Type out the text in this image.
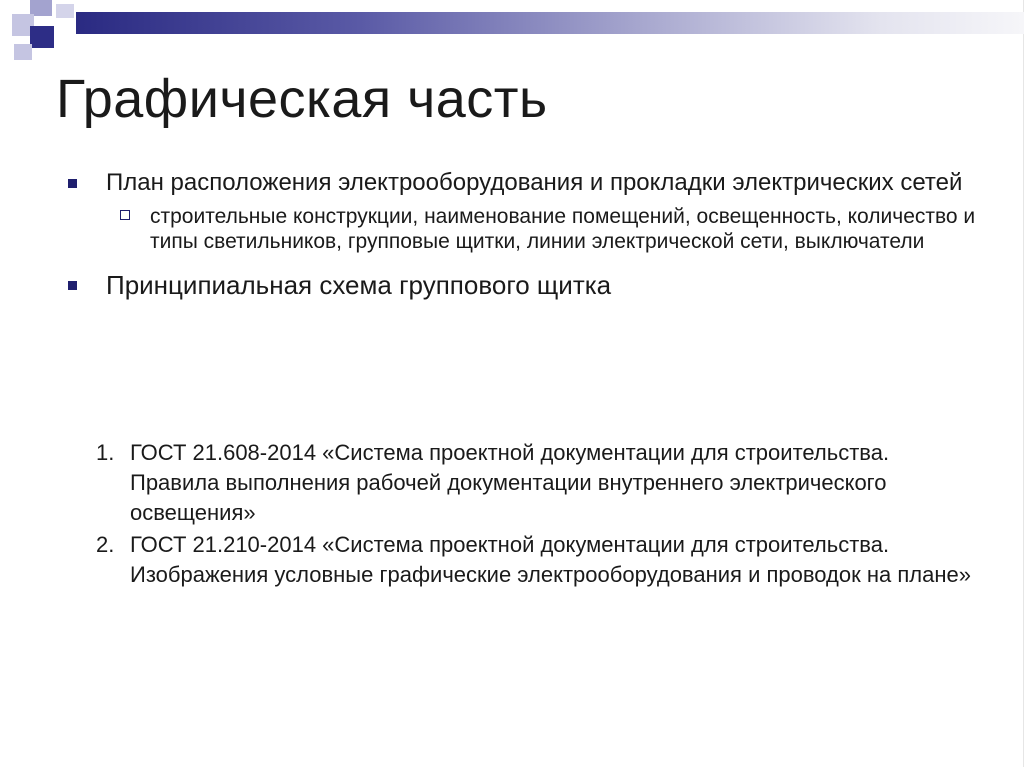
Графическая часть
План расположения электрооборудования и прокладки электрических сетей
строительные конструкции, наименование помещений, освещенность, количество и типы светильников, групповые щитки, линии электрической сети, выключатели
Принципиальная схема группового щитка
1. ГОСТ 21.608-2014 «Система проектной документации для строительства. Правила выполнения рабочей документации внутреннего электрического освещения»
2. ГОСТ 21.210-2014 «Система проектной документации для строительства. Изображения условные графические электрооборудования и проводок на плане»
